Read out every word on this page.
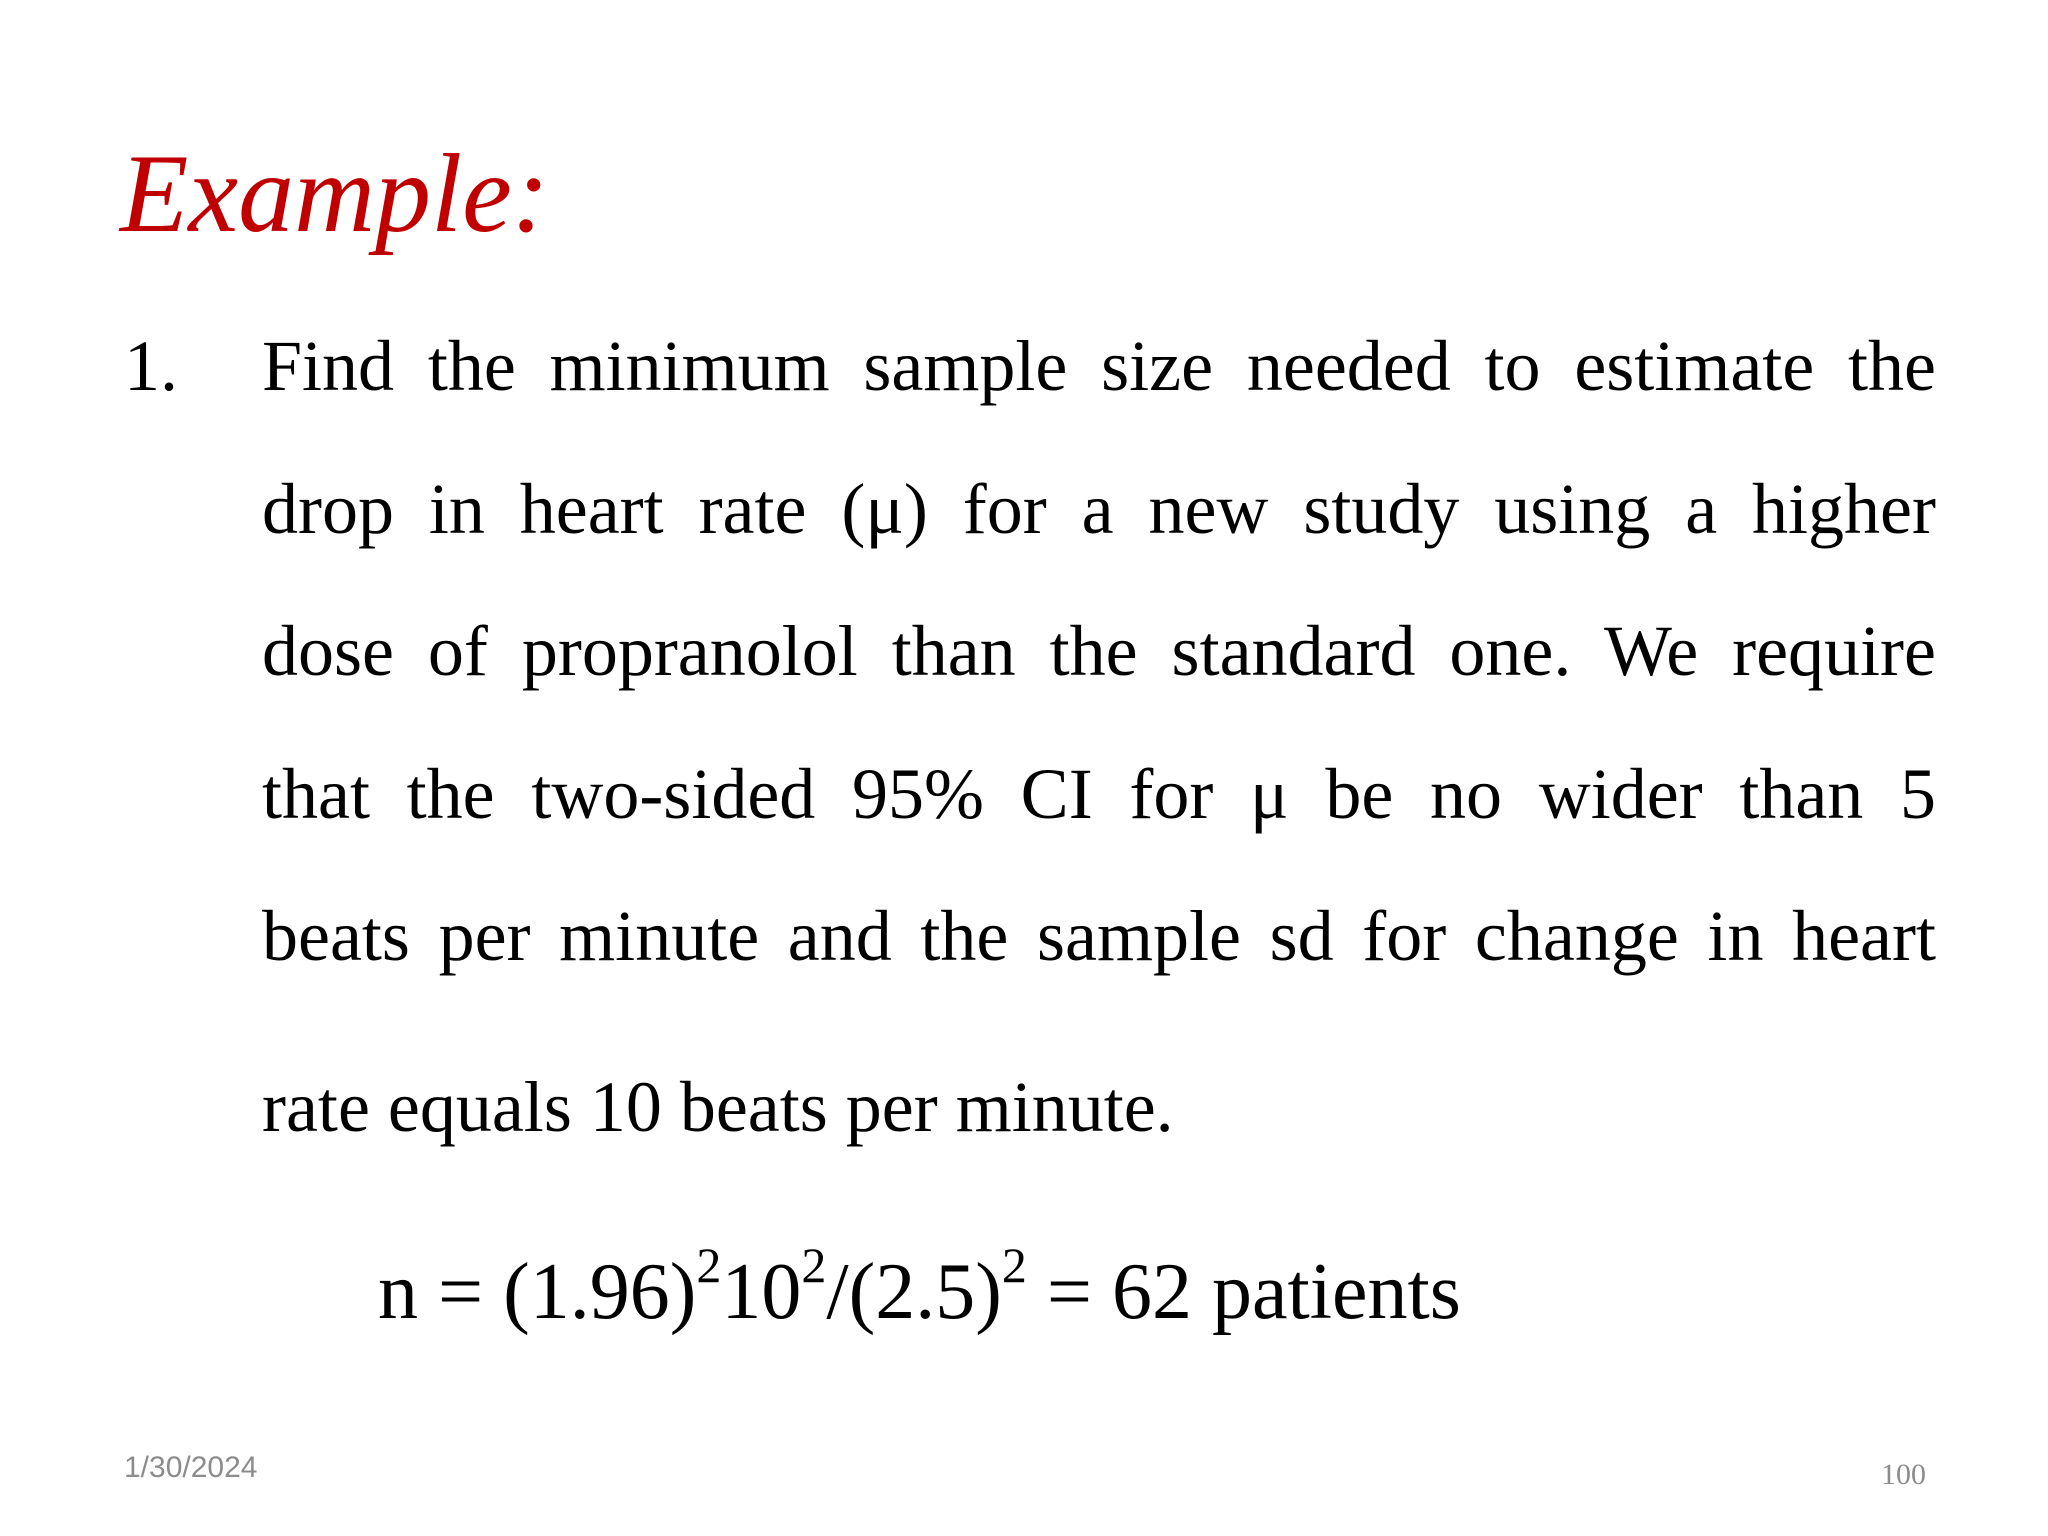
Example:
1. Find the minimum sample size needed to estimate the
drop in heart rate (μ) for a new study using a higher
dose of propranolol than the standard one. We require
that the two-sided 95% CI for μ be no wider than 5
beats per minute and the sample sd for change in heart
rate equals 10 beats per minute.
$n = (1.96)^210^2/(2.5)^2 = 62$ patients
1/30/2024	100
